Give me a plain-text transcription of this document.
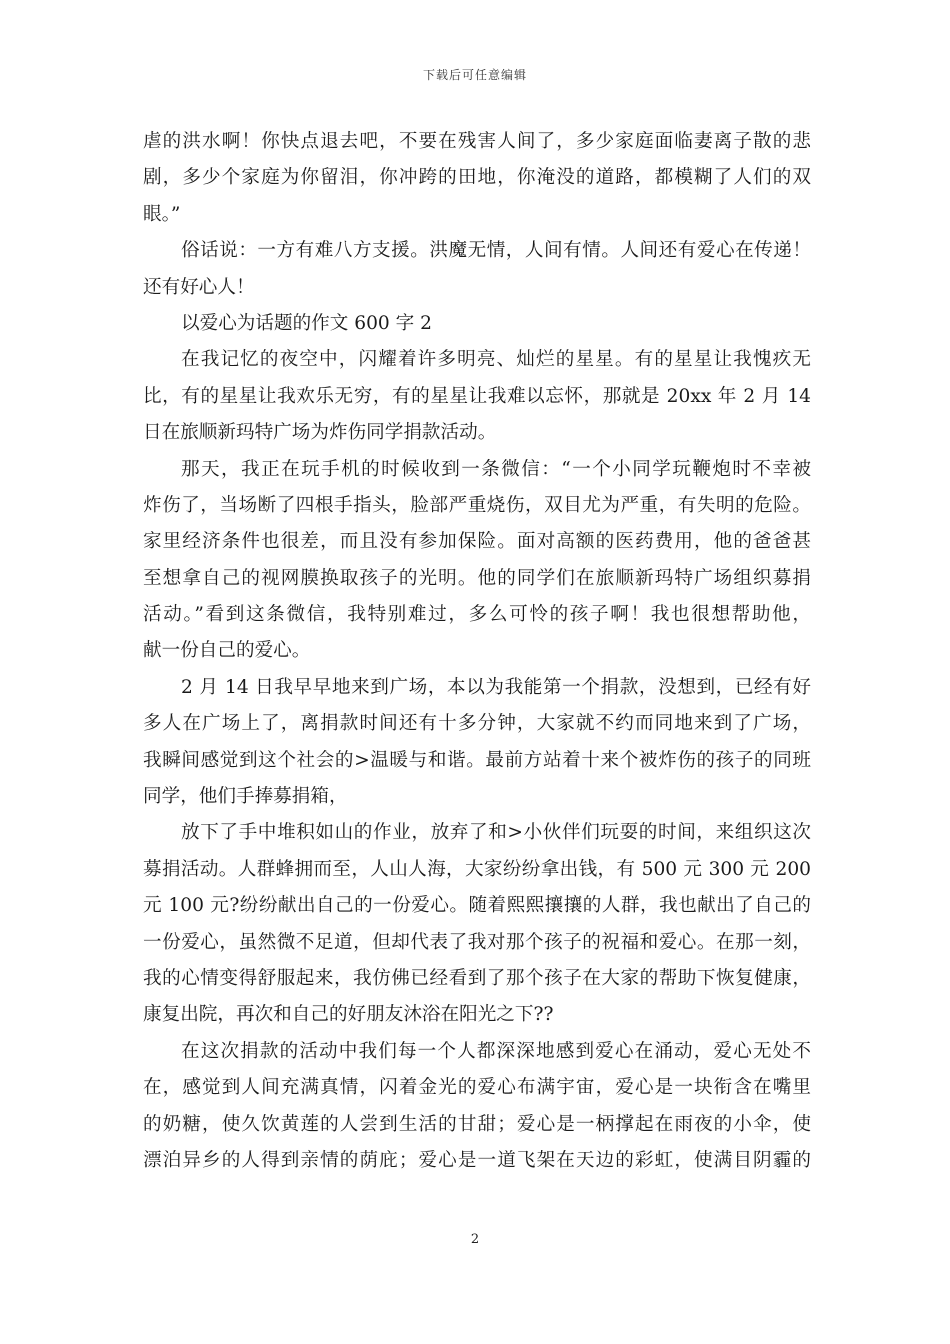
下载后可任意编辑
虐的洪水啊！你快点退去吧，不要在残害人间了，多少家庭面临妻离子散的悲
剧，多少个家庭为你留泪，你冲跨的田地，你淹没的道路，都模糊了人们的双
眼。”
俗话说：一方有难八方支援。洪魔无情，人间有情。人间还有爱心在传递！
还有好心人！
以爱心为话题的作文 600 字 2
在我记忆的夜空中，闪耀着许多明亮、灿烂的星星。有的星星让我愧疚无
比，有的星星让我欢乐无穷，有的星星让我难以忘怀，那就是 20xx 年 2 月 14
日在旅顺新玛特广场为炸伤同学捐款活动。
那天，我正在玩手机的时候收到一条微信：“一个小同学玩鞭炮时不幸被
炸伤了，当场断了四根手指头，脸部严重烧伤，双目尤为严重，有失明的危险。
家里经济条件也很差，而且没有参加保险。面对高额的医药费用，他的爸爸甚
至想拿自己的视网膜换取孩子的光明。他的同学们在旅顺新玛特广场组织募捐
活动。”看到这条微信，我特别难过，多么可怜的孩子啊！我也很想帮助他，
献一份自己的爱心。
2 月 14 日我早早地来到广场，本以为我能第一个捐款，没想到，已经有好
多人在广场上了，离捐款时间还有十多分钟，大家就不约而同地来到了广场，
我瞬间感觉到这个社会的>温暖与和谐。最前方站着十来个被炸伤的孩子的同班
同学，他们手捧募捐箱，
放下了手中堆积如山的作业，放弃了和>小伙伴们玩耍的时间，来组织这次
募捐活动。人群蜂拥而至，人山人海，大家纷纷拿出钱，有 500 元 300 元 200
元 100 元?纷纷献出自己的一份爱心。随着熙熙攘攘的人群，我也献出了自己的
一份爱心，虽然微不足道，但却代表了我对那个孩子的祝福和爱心。在那一刻，
我的心情变得舒服起来，我仿佛已经看到了那个孩子在大家的帮助下恢复健康，
康复出院，再次和自己的好朋友沐浴在阳光之下??
在这次捐款的活动中我们每一个人都深深地感到爱心在涌动，爱心无处不
在，感觉到人间充满真情，闪着金光的爱心布满宇宙，爱心是一块衔含在嘴里
的奶糖，使久饮黄莲的人尝到生活的甘甜；爱心是一柄撑起在雨夜的小伞，使
漂泊异乡的人得到亲情的荫庇；爱心是一道飞架在天边的彩虹，使满目阴霾的
2
